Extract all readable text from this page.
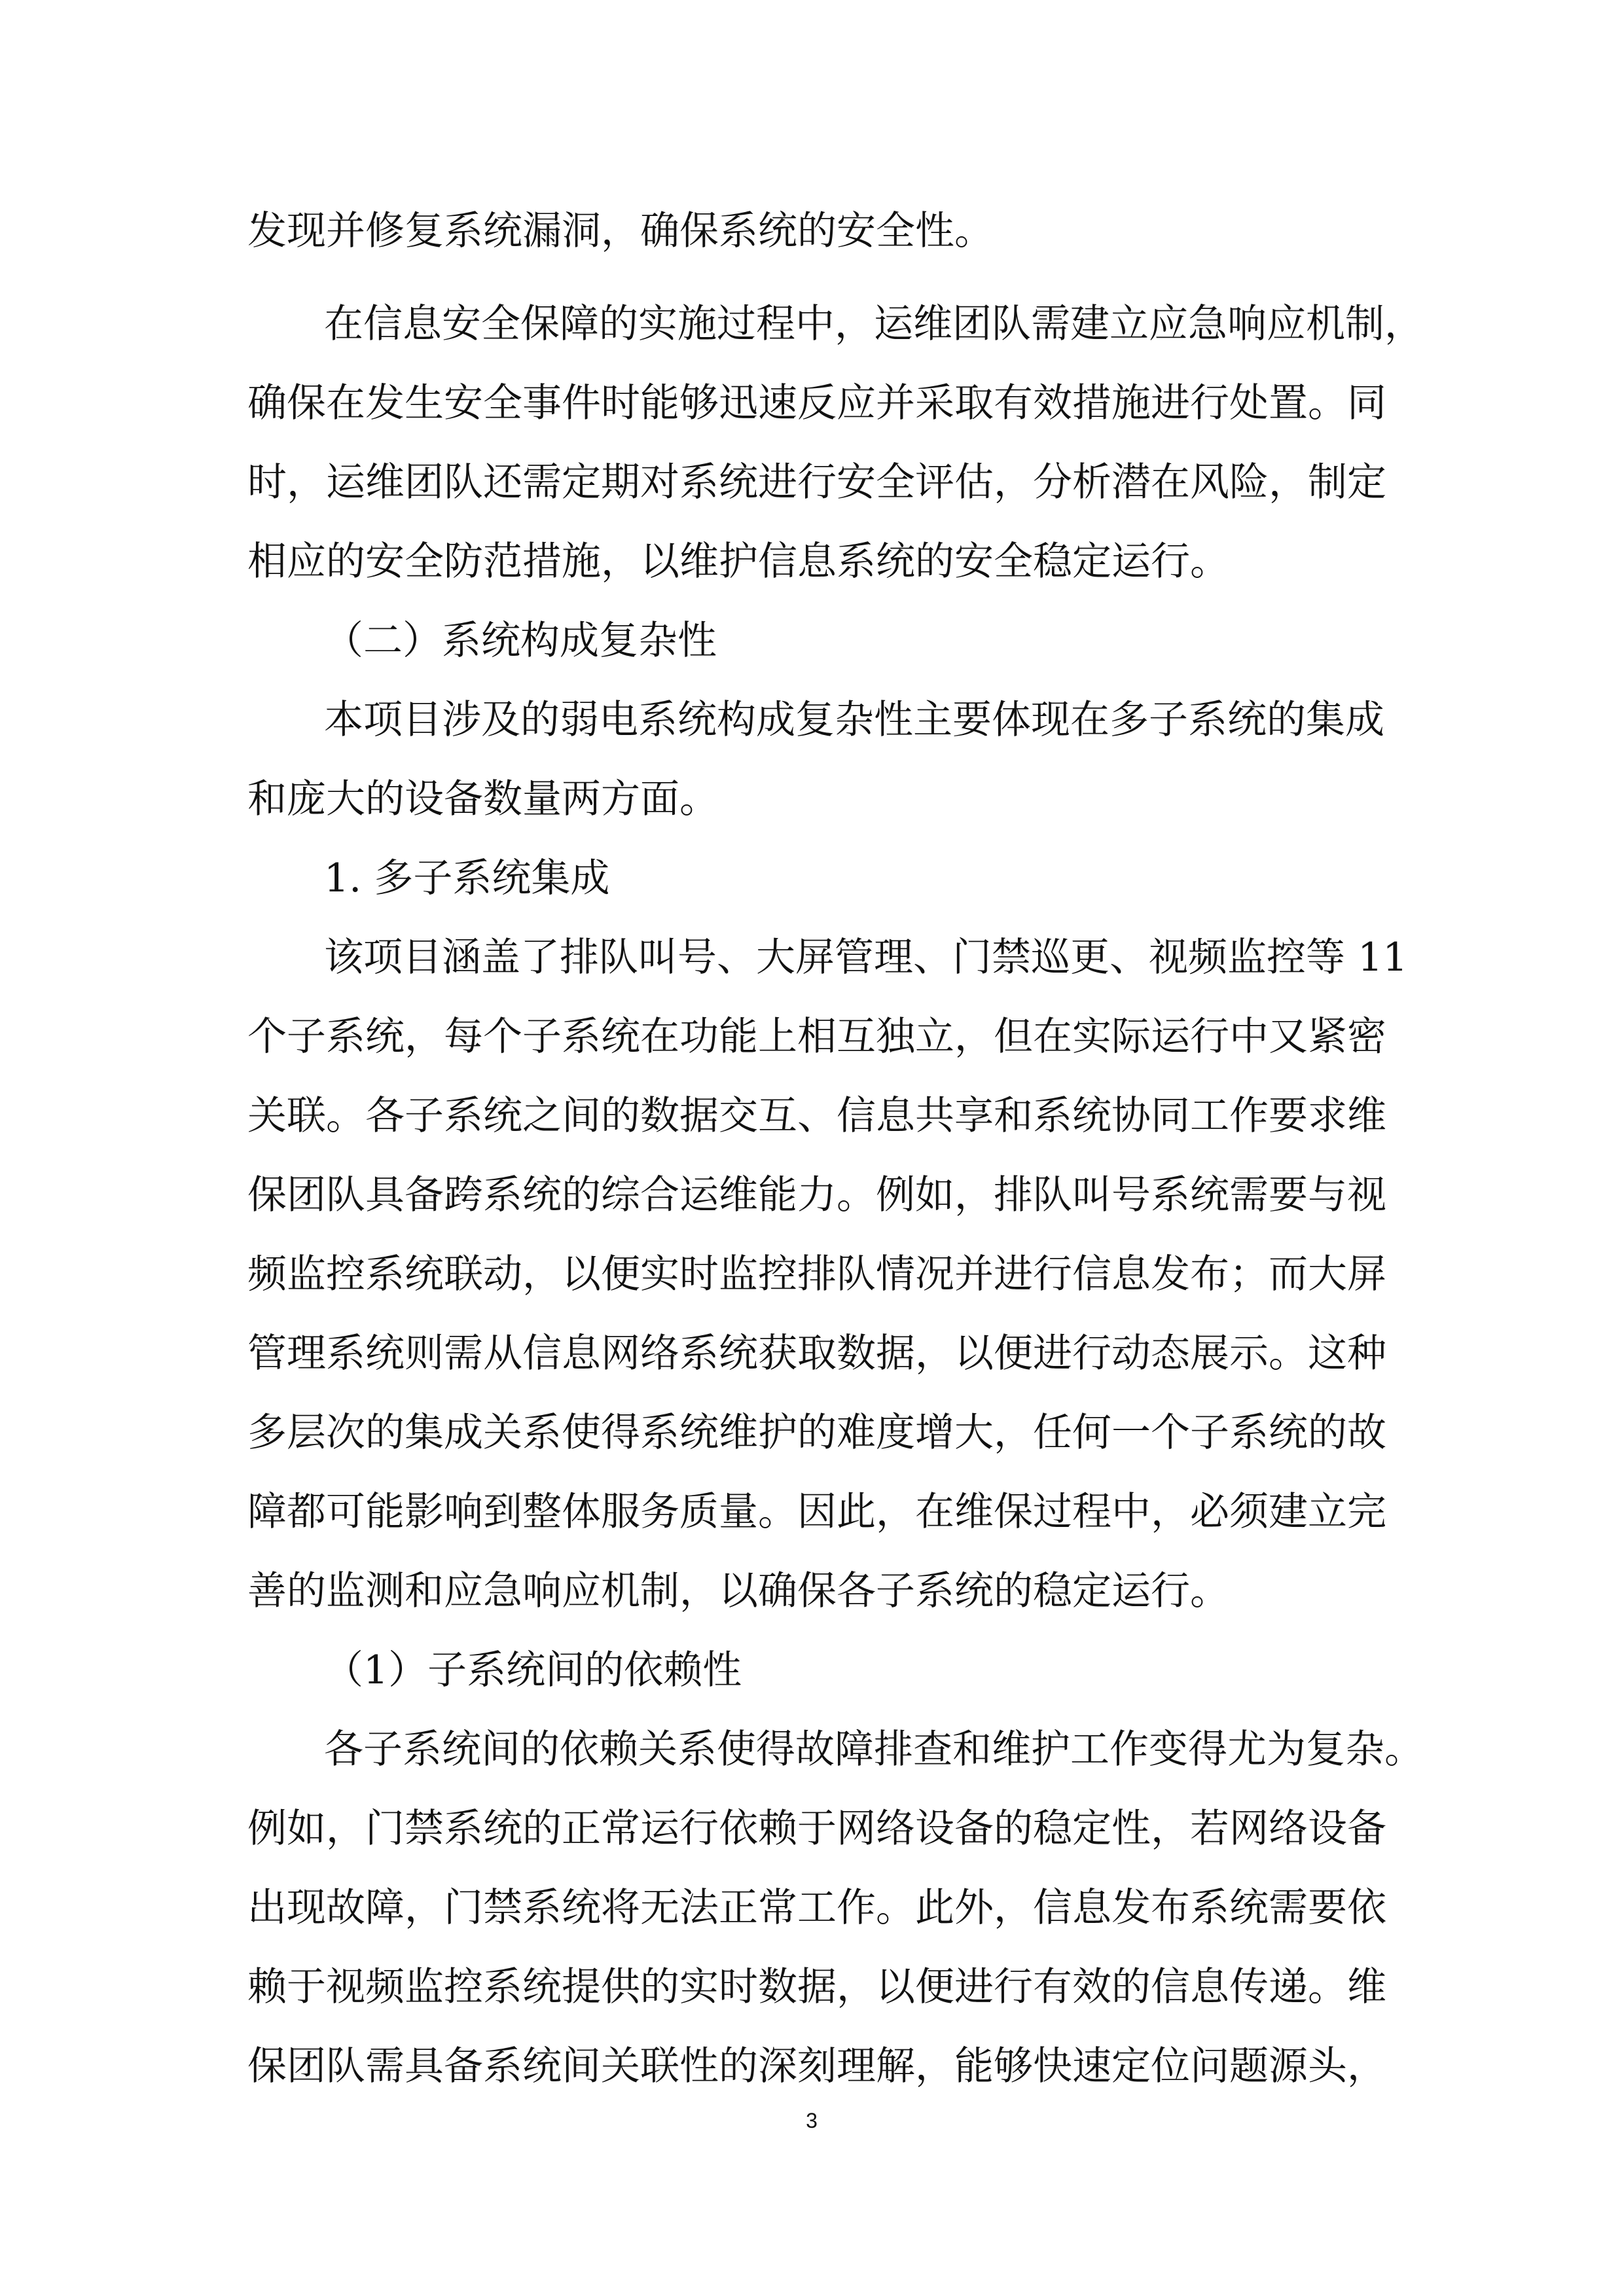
发现并修复系统漏洞，确保系统的安全性。
在信息安全保障的实施过程中，运维团队需建立应急响应机制，
确保在发生安全事件时能够迅速反应并采取有效措施进行处置。同
时，运维团队还需定期对系统进行安全评估，分析潜在风险，制定
相应的安全防范措施，以维护信息系统的安全稳定运行。
（二）系统构成复杂性
本项目涉及的弱电系统构成复杂性主要体现在多子系统的集成
和庞大的设备数量两方面。
1. 多子系统集成
该项目涵盖了排队叫号、大屏管理、门禁巡更、视频监控等 11
个子系统，每个子系统在功能上相互独立，但在实际运行中又紧密
关联。各子系统之间的数据交互、信息共享和系统协同工作要求维
保团队具备跨系统的综合运维能力。例如，排队叫号系统需要与视
频监控系统联动，以便实时监控排队情况并进行信息发布；而大屏
管理系统则需从信息网络系统获取数据，以便进行动态展示。这种
多层次的集成关系使得系统维护的难度增大，任何一个子系统的故
障都可能影响到整体服务质量。因此，在维保过程中，必须建立完
善的监测和应急响应机制，以确保各子系统的稳定运行。
（1）子系统间的依赖性
各子系统间的依赖关系使得故障排查和维护工作变得尤为复杂。
例如，门禁系统的正常运行依赖于网络设备的稳定性，若网络设备
出现故障，门禁系统将无法正常工作。此外，信息发布系统需要依
赖于视频监控系统提供的实时数据，以便进行有效的信息传递。维
保团队需具备系统间关联性的深刻理解，能够快速定位问题源头，
3
